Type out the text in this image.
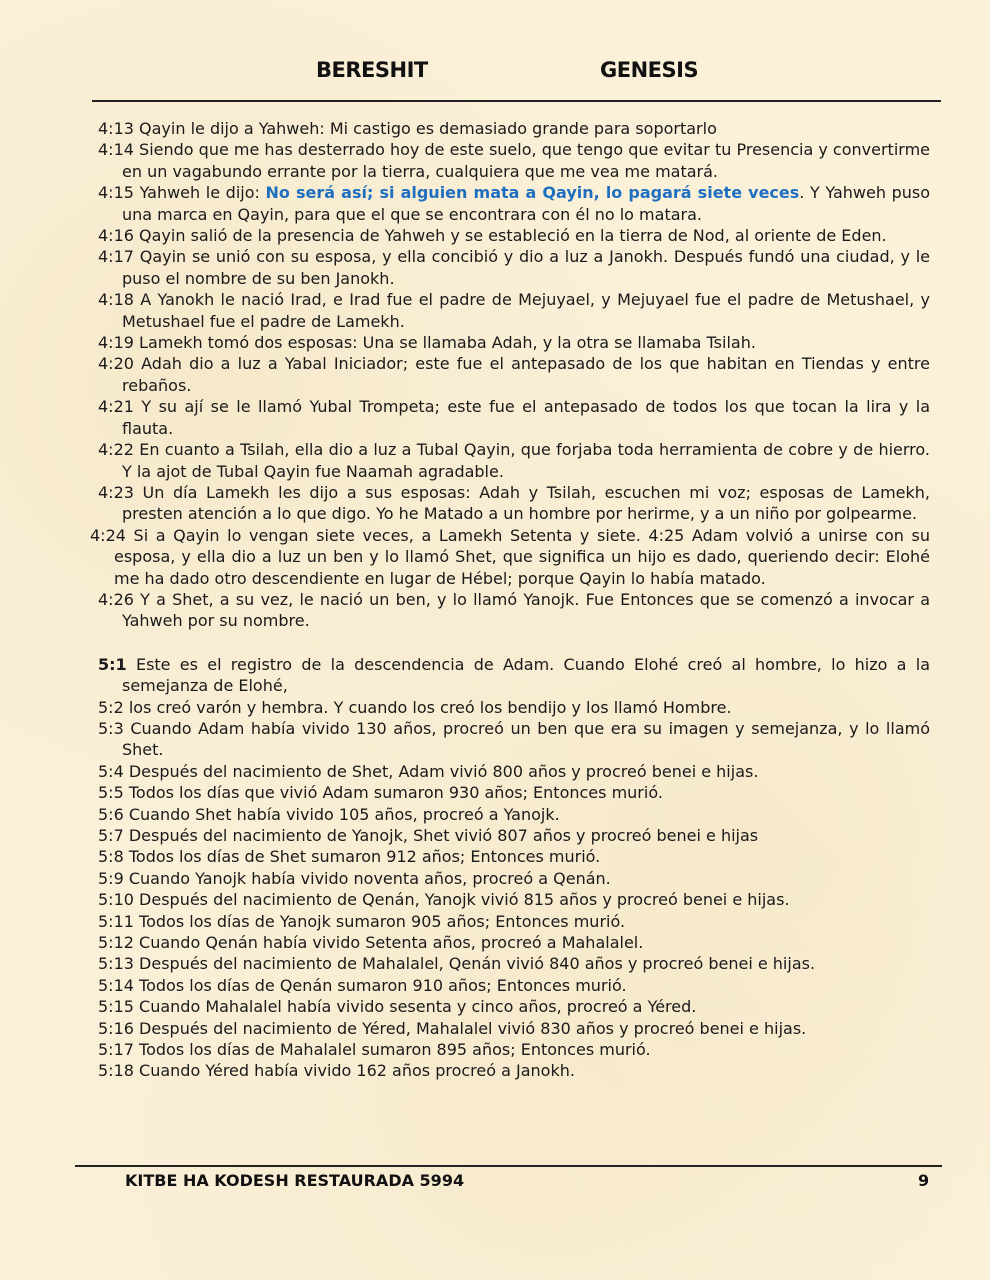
BERESHIT	GENESIS

4:13 Qayin le dijo a Yahweh: Mi castigo es demasiado grande para soportarlo

4:14 Siendo que me has desterrado hoy de este suelo, que tengo que evitar tu Presencia y convertirme en un vagabundo errante por la tierra, cualquiera que me vea me matará.

4:15 Yahweh le dijo: No será así; si alguien mata a Qayin, lo pagará siete veces. Y Yahweh puso una marca en Qayin, para que el que se encontrara con él no lo matara.

4:16 Qayin salió de la presencia de Yahweh y se estableció en la tierra de Nod, al oriente de Eden.

4:17 Qayin se unió con su esposa, y ella concibió y dio a luz a Janokh. Después fundó una ciudad, y le puso el nombre de su ben Janokh.

4:18 A Yanokh le nació Irad, e Irad fue el padre de Mejuyael, y Mejuyael fue el padre de Metushael, y Metushael fue el padre de Lamekh.

4:19 Lamekh tomó dos esposas: Una se llamaba Adah, y la otra se llamaba Tsilah.

4:20 Adah dio a luz a Yabal Iniciador; este fue el antepasado de los que habitan en Tiendas y entre rebaños.

4:21 Y su ají se le llamó Yubal Trompeta; este fue el antepasado de todos los que tocan la lira y la flauta.

4:22 En cuanto a Tsilah, ella dio a luz a Tubal Qayin, que forjaba toda herramienta de cobre y de hierro. Y la ajot de Tubal Qayin fue Naamah agradable.

4:23 Un día Lamekh les dijo a sus esposas: Adah y Tsilah, escuchen mi voz; esposas de Lamekh, presten atención a lo que digo. Yo he Matado a un hombre por herirme, y a un niño por golpearme.

4:24 Si a Qayin lo vengan siete veces, a Lamekh Setenta y siete. 4:25 Adam volvió a unirse con su esposa, y ella dio a luz un ben y lo llamó Shet, que significa un hijo es dado, queriendo decir: Elohé me ha dado otro descendiente en lugar de Hébel; porque Qayin lo había matado.

4:26 Y a Shet, a su vez, le nació un ben, y lo llamó Yanojk. Fue Entonces que se comenzó a invocar a Yahweh por su nombre.

5:1 Este es el registro de la descendencia de Adam. Cuando Elohé creó al hombre, lo hizo a la semejanza de Elohé,

5:2 los creó varón y hembra. Y cuando los creó los bendijo y los llamó Hombre.

5:3 Cuando Adam había vivido 130 años, procreó un ben que era su imagen y semejanza, y lo llamó Shet.

5:4 Después del nacimiento de Shet, Adam vivió 800 años y procreó benei e hijas.

5:5 Todos los días que vivió Adam sumaron 930 años; Entonces murió.

5:6 Cuando Shet había vivido 105 años, procreó a Yanojk.

5:7 Después del nacimiento de Yanojk, Shet vivió 807 años y procreó benei e hijas

5:8 Todos los días de Shet sumaron 912 años; Entonces murió.

5:9 Cuando Yanojk había vivido noventa años, procreó a Qenán.

5:10 Después del nacimiento de Qenán, Yanojk vivió 815 años y procreó benei e hijas.

5:11 Todos los días de Yanojk sumaron 905 años; Entonces murió.

5:12 Cuando Qenán había vivido Setenta años, procreó a Mahalalel.

5:13 Después del nacimiento de Mahalalel, Qenán vivió 840 años y procreó benei e hijas.

5:14 Todos los días de Qenán sumaron 910 años; Entonces murió.

5:15 Cuando Mahalalel había vivido sesenta y cinco años, procreó a Yéred.

5:16 Después del nacimiento de Yéred, Mahalalel vivió 830 años y procreó benei e hijas.

5:17 Todos los días de Mahalalel sumaron 895 años; Entonces murió.

5:18 Cuando Yéred había vivido 162 años procreó a Janokh.

KITBE HA KODESH RESTAURADA 5994	9
